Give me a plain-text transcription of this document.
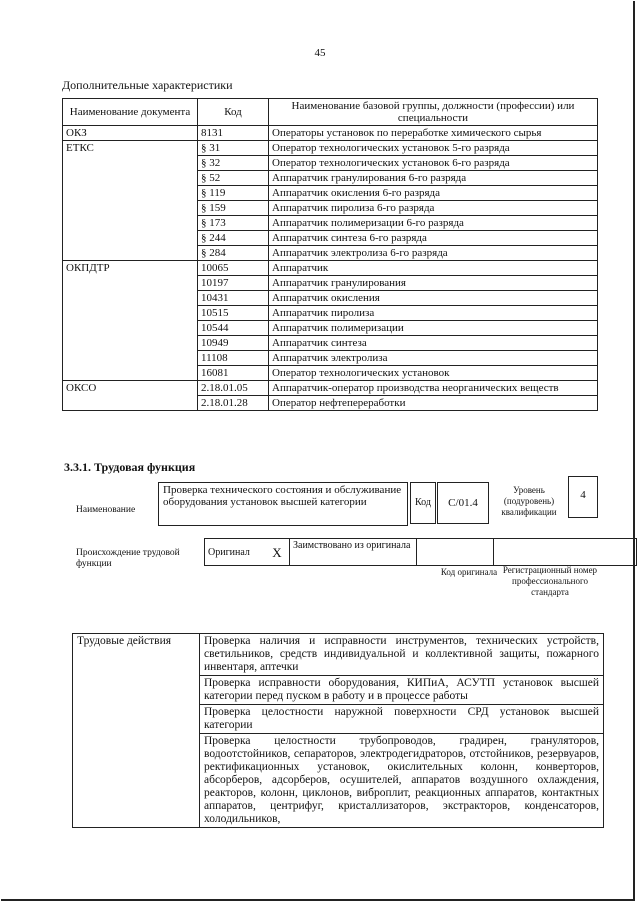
45
Дополнительные характеристики
Наименование документа	Код	Наименование базовой группы, должности (профессии) или специальности
ОКЗ	8131	Операторы установок по переработке химического сырья
ЕТКС	§ 31	Оператор технологических установок 5-го разряда
	§ 32	Оператор технологических установок 6-го разряда
	§ 52	Аппаратчик гранулирования 6-го разряда
	§ 119	Аппаратчик окисления 6-го разряда
	§ 159	Аппаратчик пиролиза 6-го разряда
	§ 173	Аппаратчик полимеризации 6-го разряда
	§ 244	Аппаратчик синтеза 6-го разряда
	§ 284	Аппаратчик электролиза 6-го разряда
ОКПДТР	10065	Аппаратчик
	10197	Аппаратчик гранулирования
	10431	Аппаратчик окисления
	10515	Аппаратчик пиролиза
	10544	Аппаратчик полимеризации
	10949	Аппаратчик синтеза
	11108	Аппаратчик электролиза
	16081	Оператор технологических установок
ОКСО	2.18.01.05	Аппаратчик-оператор производства неорганических веществ
	2.18.01.28	Оператор нефтепереработки
3.3.1. Трудовая функция
Наименование
Проверка технического состояния и обслуживание оборудования установок высшей категории	Код	С/01.4
Уровень (подуровень) квалификации
4
Происхождение трудовой функции
Оригинал	X	Заимствовано из оригинала		
Код оригинала Регистрационный номер профессионального стандарта
Трудовые действия	Проверка наличия и исправности инструментов, технических устройств, светильников, средств индивидуальной и коллективной защиты, пожарного инвентаря, аптечки
Проверка исправности оборудования, КИПиА, АСУТП установок высшей категории перед пуском в работу и в процессе работы
Проверка целостности наружной поверхности СРД установок высшей категории
Проверка целостности трубопроводов, градирен, грануляторов, водоотстойников, сепараторов, электродегидраторов, отстойников, резервуаров, ректификационных установок, окислительных колонн, конверторов, абсорберов, адсорберов, осушителей, аппаратов воздушного охлаждения, реакторов, колонн, циклонов, виброплит, реакционных аппаратов, контактных аппаратов, центрифуг, кристаллизаторов, экстракторов, конденсаторов, холодильников,
